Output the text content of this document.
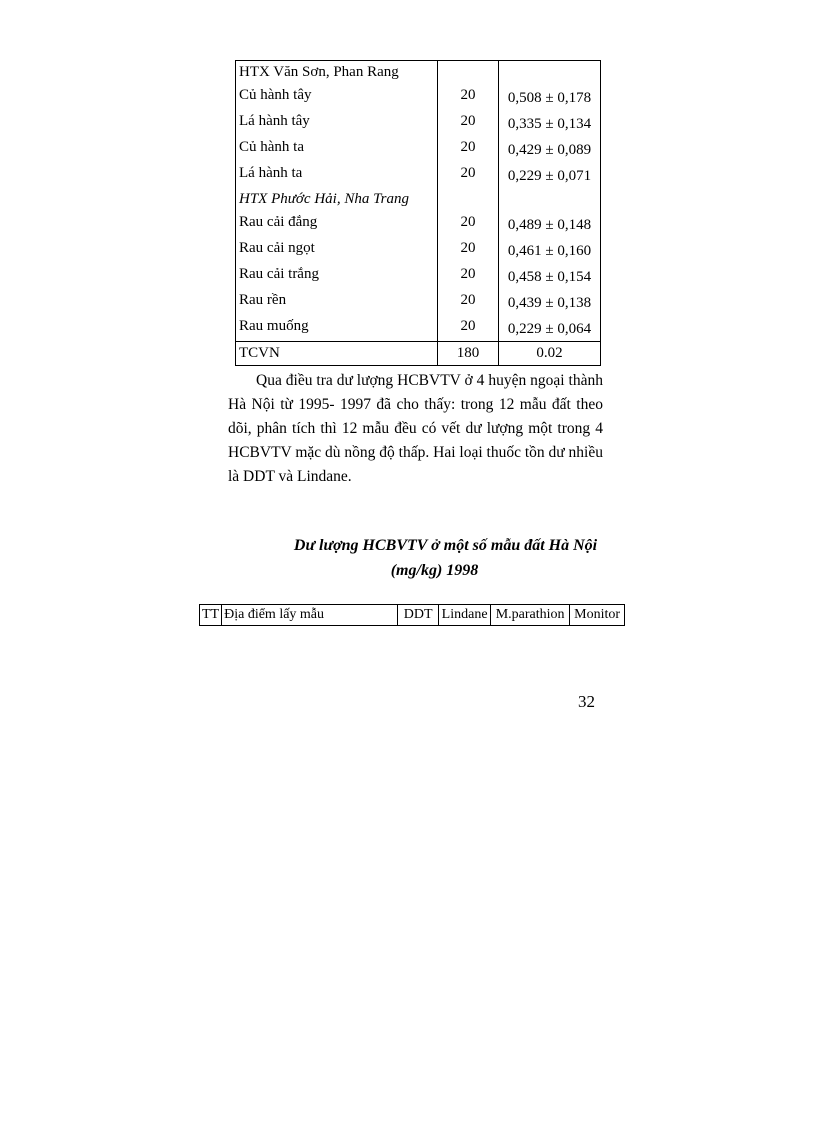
HTX Văn Sơn, Phan Rang		
Củ hành tây	20	0,508 ± 0,178
Lá hành tây	20	0,335 ± 0,134
Củ hành ta	20	0,429 ± 0,089
Lá hành ta	20	0,229 ± 0,071
HTX Phước Hải, Nha Trang		
Rau cải đắng	20	0,489 ± 0,148
Rau cải ngọt	20	0,461 ± 0,160
Rau cải trắng	20	0,458 ± 0,154
Rau rền	20	0,439 ± 0,138
Rau muống	20	0,229 ± 0,064
TCVN	180	0.02

Qua điều tra dư lượng HCBVTV ở 4 huyện ngoại thành Hà Nội từ 1995- 1997 đã cho thấy: trong 12 mẫu đất theo dõi, phân tích thì 12 mẫu đều có vết dư lượng một trong 4 HCBVTV mặc dù nồng độ thấp. Hai loại thuốc tồn dư nhiều là DDT và Lindane.

Dư lượng HCBVTV ở một số mẫu đất Hà Nội
(mg/kg) 1998
TT	Địa điểm lấy mẫu	DDT	Lindane	M.parathion	Monitor

32
